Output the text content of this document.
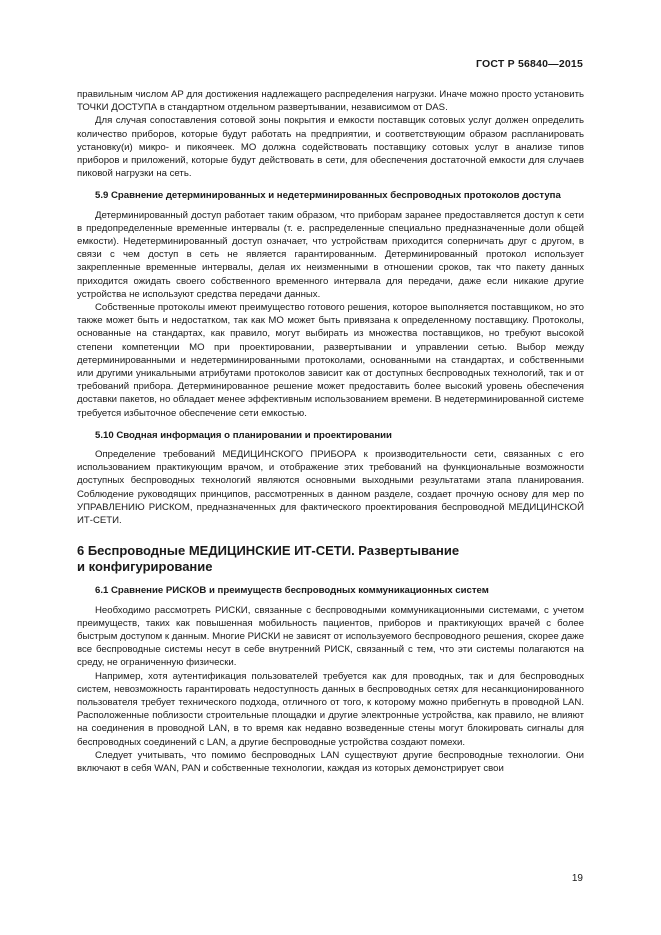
ГОСТ Р 56840—2015

правильным числом АР для достижения надлежащего распределения нагрузки. Иначе можно просто установить ТОЧКИ ДОСТУПА в стандартном отдельном развертывании, независимом от DAS.

Для случая сопоставления сотовой зоны покрытия и емкости поставщик сотовых услуг должен определить количество приборов, которые будут работать на предприятии, и соответствующим образом распланировать установку(и) микро- и пикоячеек. МО должна содействовать поставщику сотовых услуг в анализе типов приборов и приложений, которые будут действовать в сети, для обеспечения достаточной емкости для случаев пиковой нагрузки на сеть.

5.9 Сравнение детерминированных и недетерминированных беспроводных протоколов доступа

Детерминированный доступ работает таким образом, что приборам заранее предоставляется доступ к сети в предопределенные временные интервалы (т. е. распределенные специально предназначенные доли общей емкости). Недетерминированный доступ означает, что устройствам приходится соперничать друг с другом, в связи с чем доступ в сеть не является гарантированным. Детерминированный протокол использует закрепленные временные интервалы, делая их неизменными в отношении сроков, так что пакету данных приходится ожидать своего собственного временного интервала для передачи, даже если никакие другие устройства не используют средства передачи данных.

Собственные протоколы имеют преимущество готового решения, которое выполняется поставщиком, но это также может быть и недостатком, так как МО может быть привязана к определенному поставщику. Протоколы, основанные на стандартах, как правило, могут выбирать из множества поставщиков, но требуют высокой степени компетенции МО при проектировании, развертывании и управлении сетью. Выбор между детерминированными и недетерминированными протоколами, основанными на стандартах, и собственными или другими уникальными атрибутами протоколов зависит как от доступных беспроводных технологий, так и от требований прибора. Детерминированное решение может предоставить более высокий уровень обеспечения доставки пакетов, но обладает менее эффективным использованием времени. В недетерминированной системе требуется избыточное обеспечение сети емкостью.

5.10 Сводная информация о планировании и проектировании

Определение требований МЕДИЦИНСКОГО ПРИБОРА к производительности сети, связанных с его использованием практикующим врачом, и отображение этих требований на функциональные возможности доступных беспроводных технологий являются основными выходными результатами этапа планирования. Соблюдение руководящих принципов, рассмотренных в данном разделе, создает прочную основу для мер по УПРАВЛЕНИЮ РИСКОМ, предназначенных для фактического проектирования беспроводной МЕДИЦИНСКОЙ ИТ-СЕТИ.

6 Беспроводные МЕДИЦИНСКИЕ ИТ-СЕТИ. Развертывание
и конфигурирование
6.1 Сравнение РИСКОВ и преимуществ беспроводных коммуникационных систем

Необходимо рассмотреть РИСКИ, связанные с беспроводными коммуникационными системами, с учетом преимуществ, таких как повышенная мобильность пациентов, приборов и практикующих врачей с более быстрым доступом к данным. Многие РИСКИ не зависят от используемого беспроводного решения, скорее даже все беспроводные системы несут в себе внутренний РИСК, связанный с тем, что эти системы полагаются на среду, не ограниченную физически.

Например, хотя аутентификация пользователей требуется как для проводных, так и для беспроводных систем, невозможность гарантировать недоступность данных в беспроводных сетях для несанкционированного пользователя требует технического подхода, отличного от того, к которому можно прибегнуть в проводной LAN. Расположенные поблизости строительные площадки и другие электронные устройства, как правило, не влияют на соединения в проводной LAN, в то время как недавно возведенные стены могут блокировать сигналы для беспроводных соединений с LAN, а другие беспроводные устройства создают помехи.

Следует учитывать, что помимо беспроводных LAN существуют другие беспроводные технологии. Они включают в себя WAN, PAN и собственные технологии, каждая из которых демонстрирует свои

19
